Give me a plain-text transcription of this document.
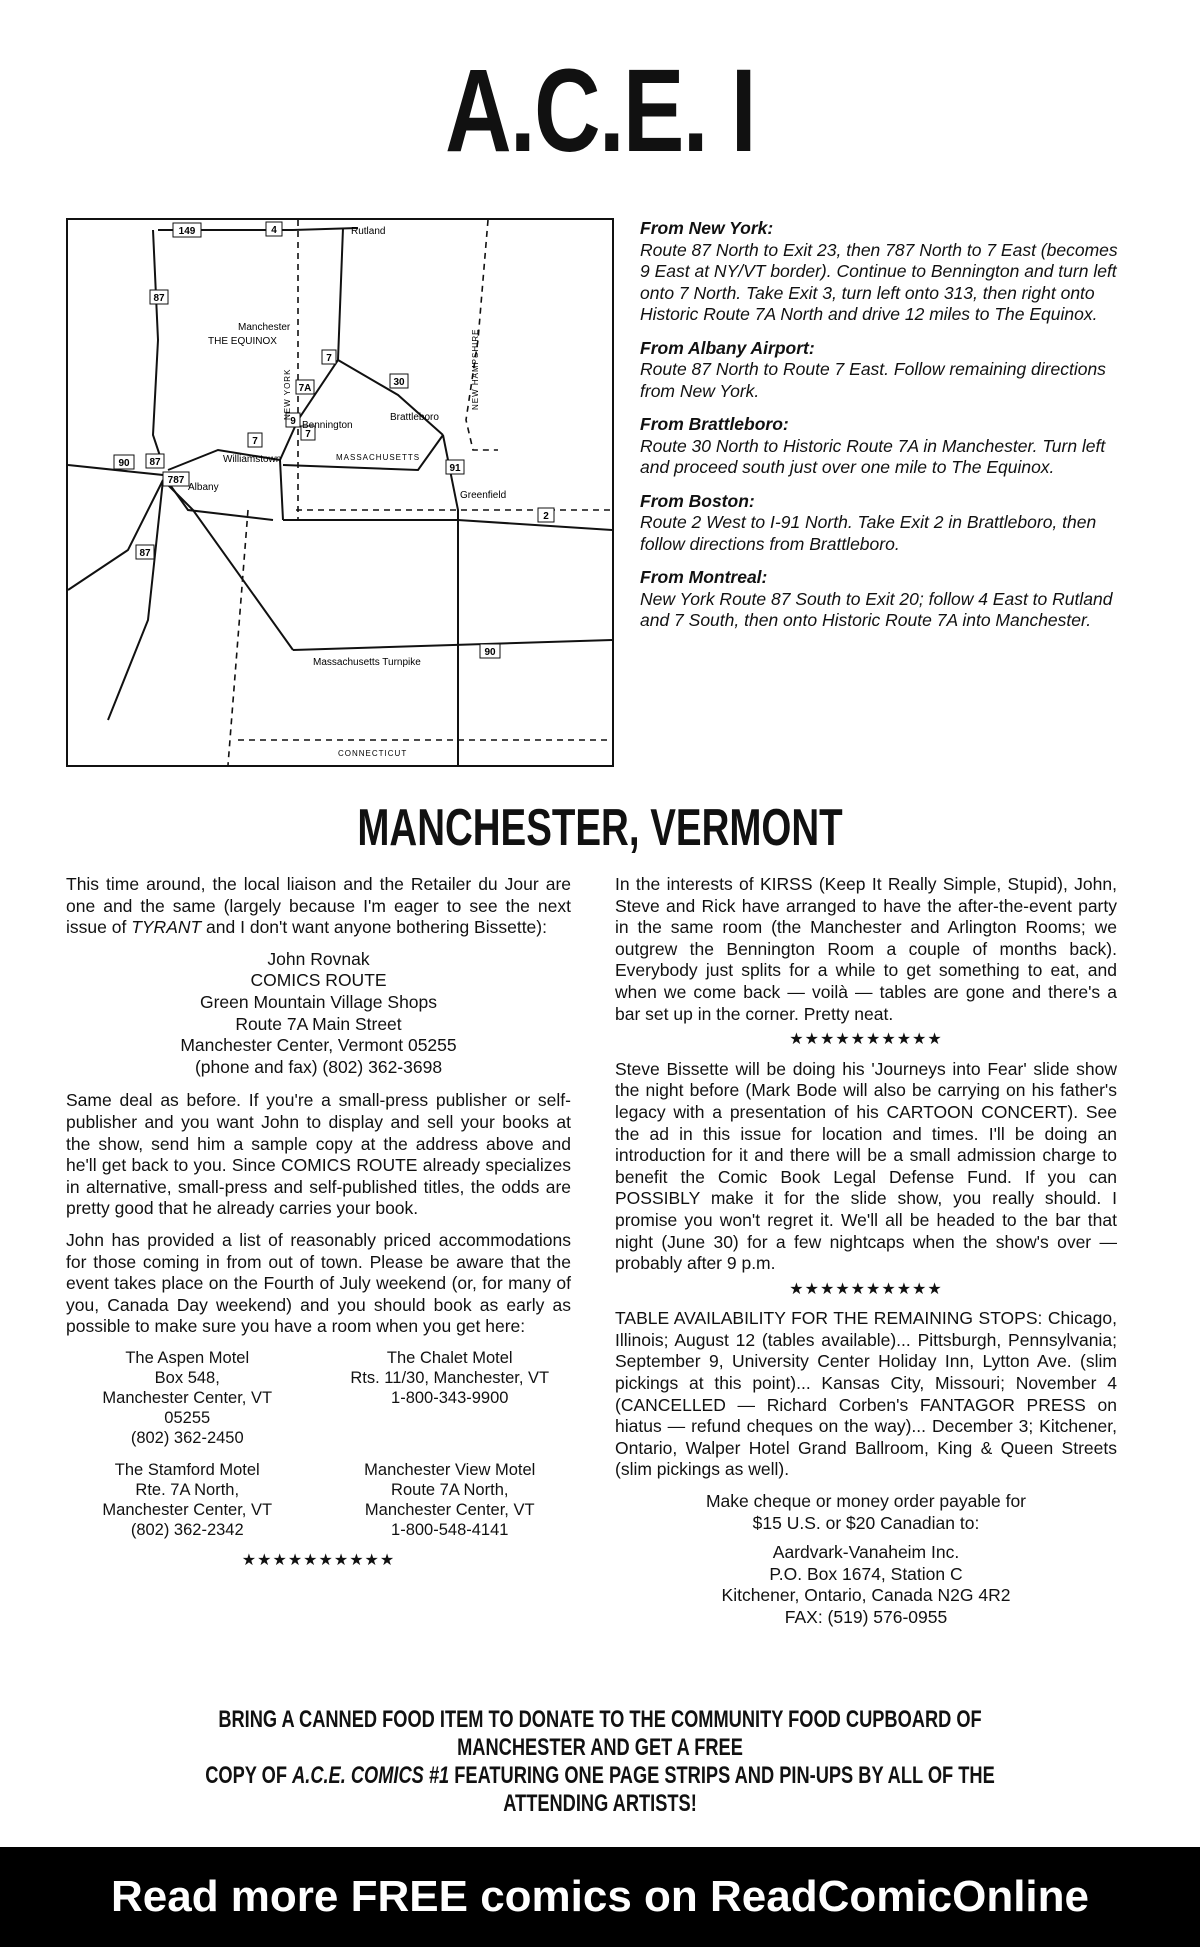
A.C.E. I
149	4
87
7A
7
30
9
7
7
90 87
787
91
2
87
90
Rutland
Manchester
THE EQUINOX
Bennington
Brattleboro
Williamstown
Albany
MASSACHUSETTS
Greenfield
Massachusetts Turnpike
CONNECTICUT
NEW YORK	NEW HAMPSHIRE
From New York:
Route 87 North to Exit 23, then 787 North to 7 East (becomes 9 East at NY/VT border). Continue to Bennington and turn left onto 7 North. Take Exit 3, turn left onto 313, then right onto Historic Route 7A North and drive 12 miles to The Equinox.
From Albany Airport:
Route 87 North to Route 7 East. Follow remaining directions from New York.
From Brattleboro:
Route 30 North to Historic Route 7A in Manchester. Turn left and proceed south just over one mile to The Equinox.
From Boston:
Route 2 West to I-91 North. Take Exit 2 in Brattleboro, then follow directions from Brattleboro.
From Montreal:
New York Route 87 South to Exit 20; follow 4 East to Rutland and 7 South, then onto Historic Route 7A into Manchester.
MANCHESTER, VERMONT

This time around, the local liaison and the Retailer du Jour are one and the same (largely because I'm eager to see the next issue of TYRANT and I don't want anyone bothering Bissette):

John Rovnak
COMICS ROUTE
Green Mountain Village Shops
Route 7A Main Street
Manchester Center, Vermont 05255
(phone and fax) (802) 362-3698

Same deal as before. If you're a small-press publisher or self-publisher and you want John to display and sell your books at the show, send him a sample copy at the address above and he'll get back to you. Since COMICS ROUTE already specializes in alternative, small-press and self-published titles, the odds are pretty good that he already carries your book.

John has provided a list of reasonably priced accommodations for those coming in from out of town. Please be aware that the event takes place on the Fourth of July weekend (or, for many of you, Canada Day weekend) and you should book as early as possible to make sure you have a room when you get here:

The Aspen Motel
Box 548,
Manchester Center, VT
05255
(802) 362-2450
The Chalet Motel
Rts. 11/30, Manchester, VT
1-800-343-9900
The Stamford Motel
Rte. 7A North,
Manchester Center, VT
(802) 362-2342
Manchester View Motel
Route 7A North,
Manchester Center, VT
1-800-548-4141
★★★★★★★★★★

In the interests of KIRSS (Keep It Really Simple, Stupid), John, Steve and Rick have arranged to have the after-the-event party in the same room (the Manchester and Arlington Rooms; we outgrew the Bennington Room a couple of months back). Everybody just splits for a while to get something to eat, and when we come back — voilà — tables are gone and there's a bar set up in the corner. Pretty neat.

★★★★★★★★★★

Steve Bissette will be doing his 'Journeys into Fear' slide show the night before (Mark Bode will also be carrying on his father's legacy with a presentation of his CARTOON CONCERT). See the ad in this issue for location and times. I'll be doing an introduction for it and there will be a small admission charge to benefit the Comic Book Legal Defense Fund. If you can POSSIBLY make it for the slide show, you really should. I promise you won't regret it. We'll all be headed to the bar that night (June 30) for a few nightcaps when the show's over — probably after 9 p.m.

★★★★★★★★★★

TABLE AVAILABILITY FOR THE REMAINING STOPS: Chicago, Illinois; August 12 (tables available)... Pittsburgh, Pennsylvania; September 9, University Center Holiday Inn, Lytton Ave. (slim pickings at this point)... Kansas City, Missouri; November 4 (CANCELLED — Richard Corben's FANTAGOR PRESS on hiatus — refund cheques on the way)... December 3; Kitchener, Ontario, Walper Hotel Grand Ballroom, King & Queen Streets (slim pickings as well).

Make cheque or money order payable for
$15 U.S. or $20 Canadian to:
Aardvark-Vanaheim Inc.
P.O. Box 1674, Station C
Kitchener, Ontario, Canada N2G 4R2
FAX: (519) 576-0955
BRING A CANNED FOOD ITEM TO DONATE TO THE COMMUNITY FOOD CUPBOARD OF MANCHESTER AND GET A FREE
COPY OF A.C.E. COMICS #1 FEATURING ONE PAGE STRIPS AND PIN-UPS BY ALL OF THE ATTENDING ARTISTS!
Read more FREE comics on ReadComicOnline
